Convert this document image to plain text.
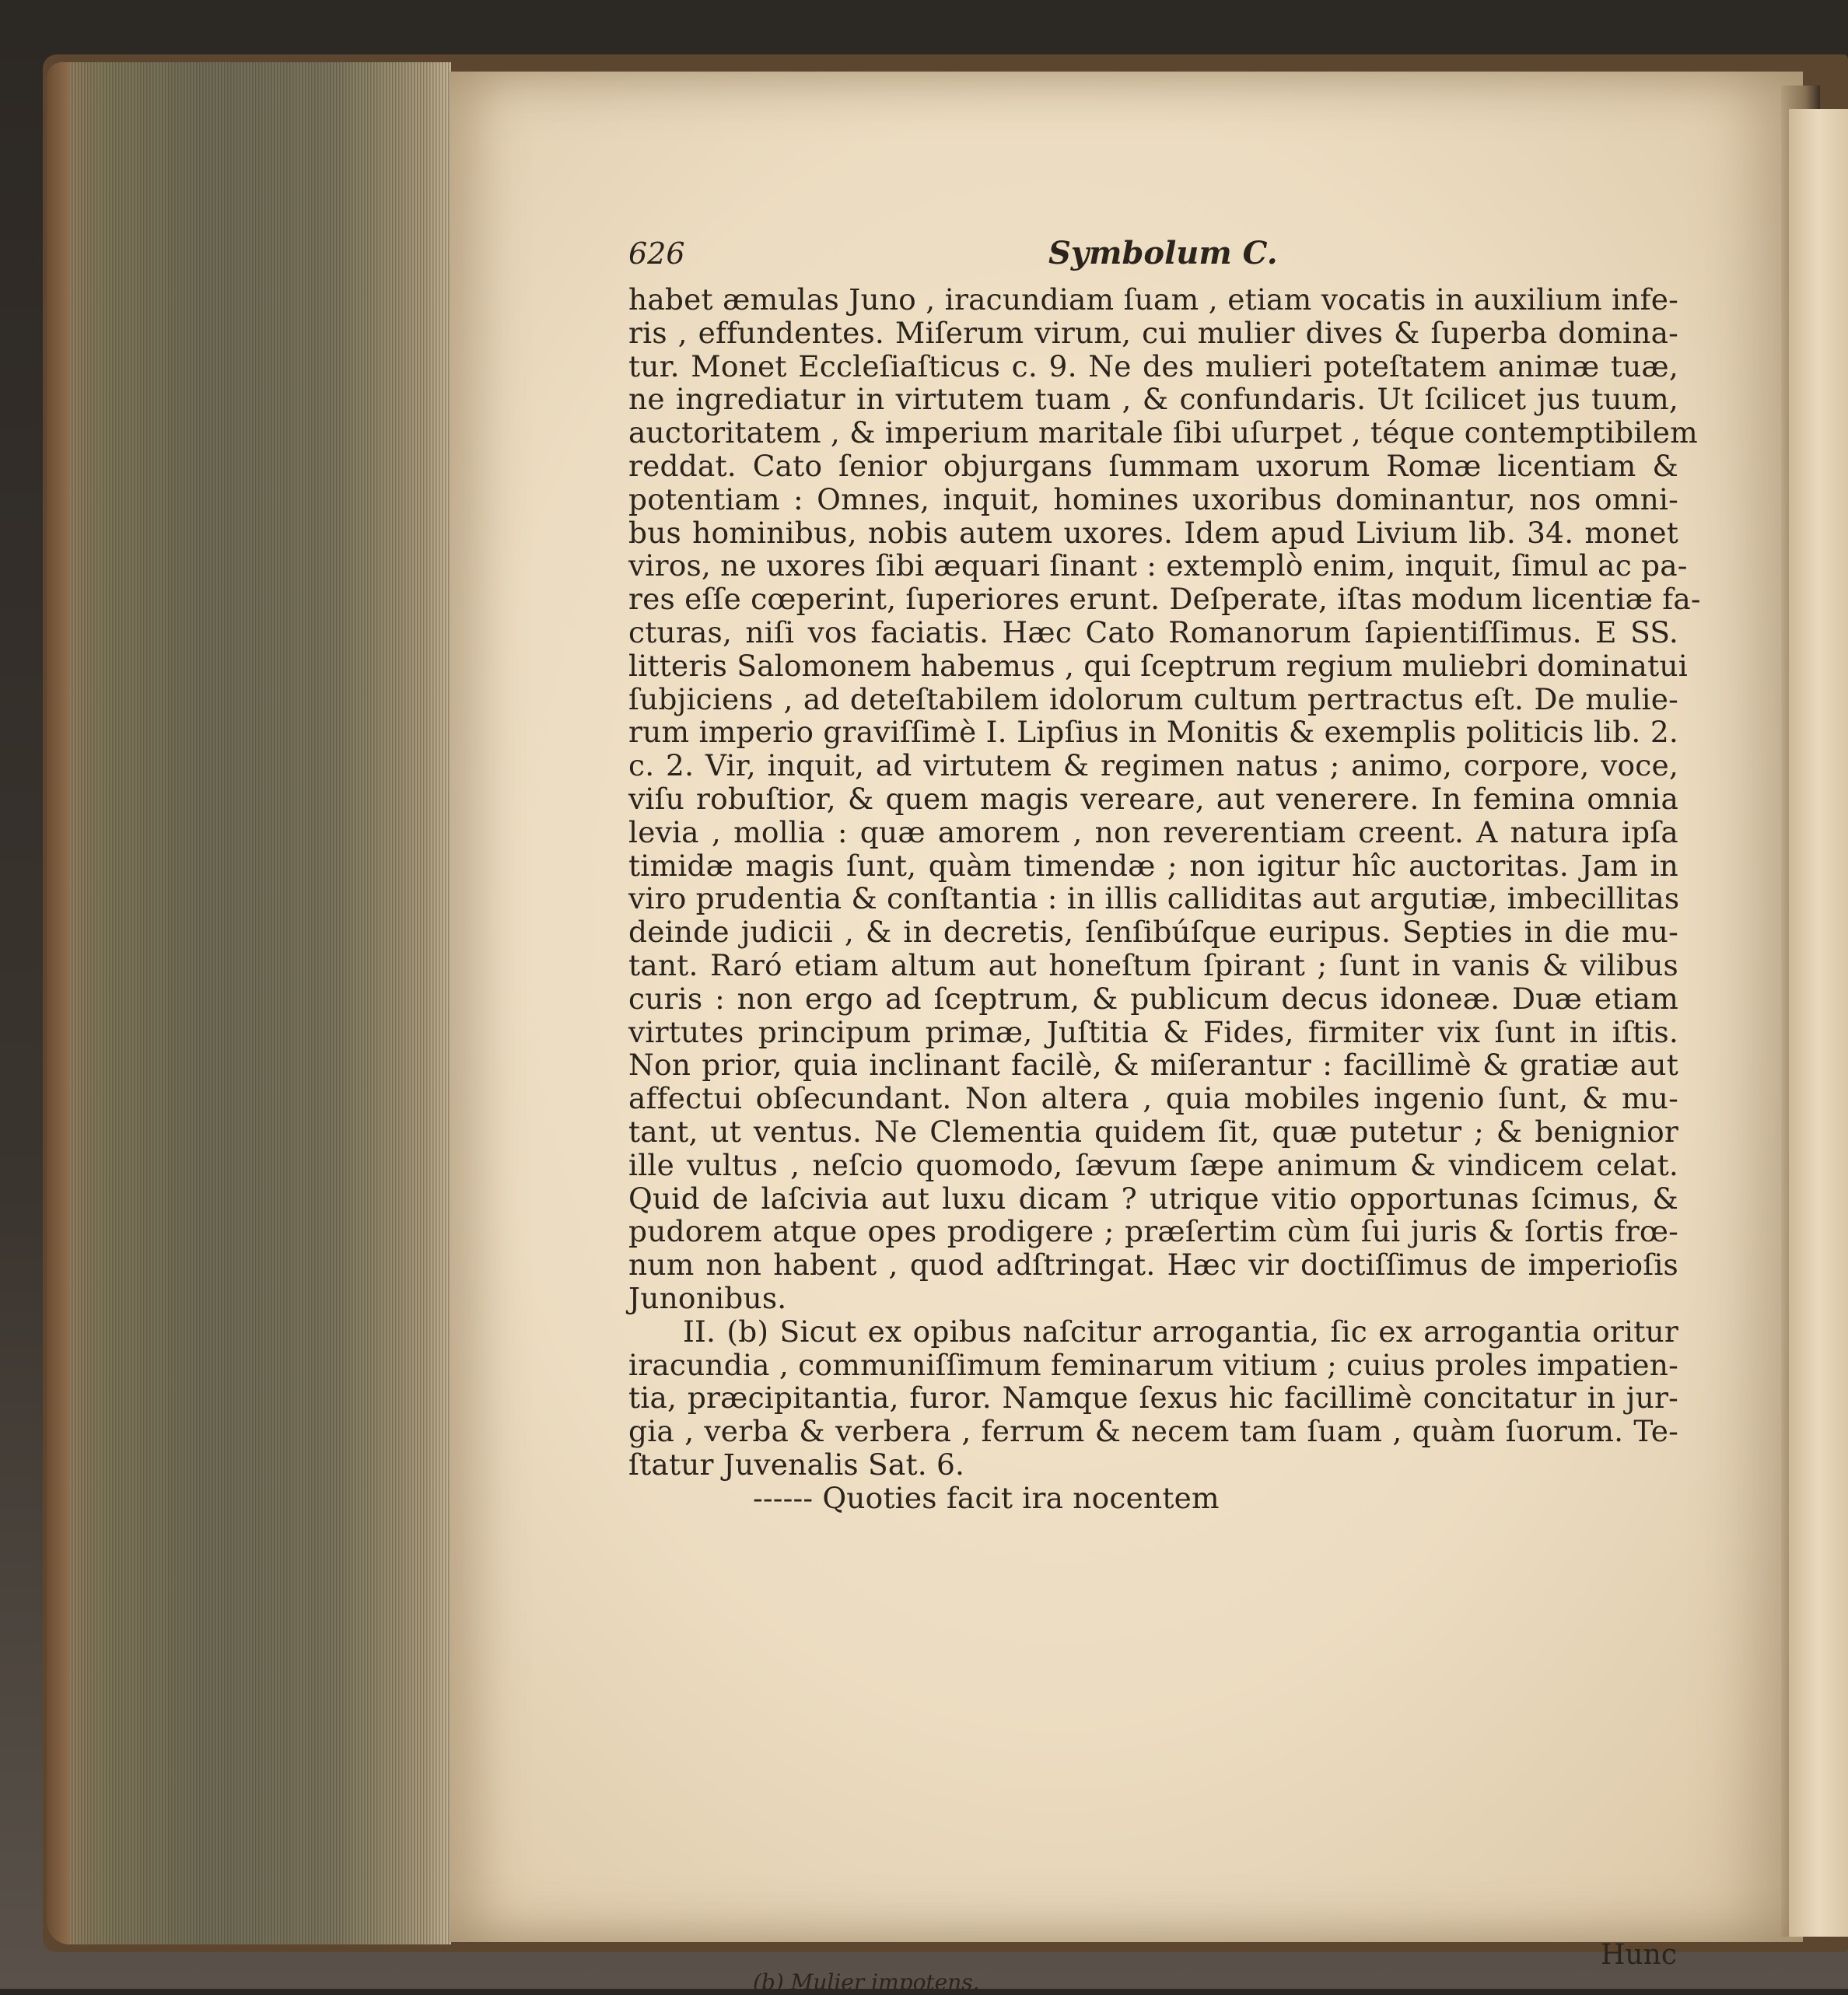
626	Symbolum C.
habet æmulas Juno , iracundiam ſuam , etiam vocatis in auxilium infe-
ris , effundentes. Miſerum virum, cui mulier dives & ſuperba domina-
tur. Monet Eccleſiaſticus c. 9. Ne des mulieri poteſtatem animæ tuæ,
ne ingrediatur in virtutem tuam , & confundaris. Ut ſcilicet jus tuum,
auctoritatem , & imperium maritale ſibi uſurpet , téque contemptibilem
reddat. Cato ſenior objurgans ſummam uxorum Romæ licentiam &
potentiam : Omnes, inquit, homines uxoribus dominantur, nos omni-
bus hominibus, nobis autem uxores. Idem apud Livium lib. 34. monet
viros, ne uxores ſibi æquari ſinant : extemplò enim, inquit, ſimul ac pa-
res eſſe cœperint, ſuperiores erunt. Deſperate, iſtas modum licentiæ fa-
cturas, niſi vos faciatis. Hæc Cato Romanorum ſapientiſſimus. E SS.
litteris Salomonem habemus , qui ſceptrum regium muliebri dominatui
ſubjiciens , ad deteſtabilem idolorum cultum pertractus eſt. De mulie-
rum imperio graviſſimè I. Lipſius in Monitis & exemplis politicis lib. 2.
c. 2. Vir, inquit, ad virtutem & regimen natus ; animo, corpore, voce,
viſu robuſtior, & quem magis vereare, aut venerere. In femina omnia
levia , mollia : quæ amorem , non reverentiam creent. A natura ipſa
timidæ magis ſunt, quàm timendæ ; non igitur hîc auctoritas. Jam in
viro prudentia & conſtantia : in illis calliditas aut argutiæ, imbecillitas
deinde judicii , & in decretis, ſenſibúſque euripus. Septies in die mu-
tant. Raró etiam altum aut honeſtum ſpirant ; ſunt in vanis & vilibus
curis : non ergo ad ſceptrum, & publicum decus idoneæ. Duæ etiam
virtutes principum primæ, Juſtitia & Fides, firmiter vix ſunt in iſtis.
Non prior, quia inclinant facilè, & miſerantur : facillimè & gratiæ aut
affectui obſecundant. Non altera , quia mobiles ingenio ſunt, & mu-
tant, ut ventus. Ne Clementia quidem ſit, quæ putetur ; & benignior
ille vultus , neſcio quomodo, ſævum ſæpe animum & vindicem celat.
Quid de laſcivia aut luxu dicam ? utrique vitio opportunas ſcimus, &
pudorem atque opes prodigere ; præſertim cùm ſui juris & ſortis frœ-
num non habent , quod adſtringat. Hæc vir doctiſſimus de imperioſis
Junonibus.
II. (b) Sicut ex opibus naſcitur arrogantia, ſic ex arrogantia oritur
iracundia , communiſſimum feminarum vitium ; cuius proles impatien-
tia, præcipitantia, furor. Namque ſexus hic facillimè concitatur in jur-
gia , verba & verbera , ferrum & necem tam ſuam , quàm ſuorum. Te-
ſtatur Juvenalis Sat. 6.
------ Quoties facit ira nocentem
Hunc
(b) Mulier impotens.
